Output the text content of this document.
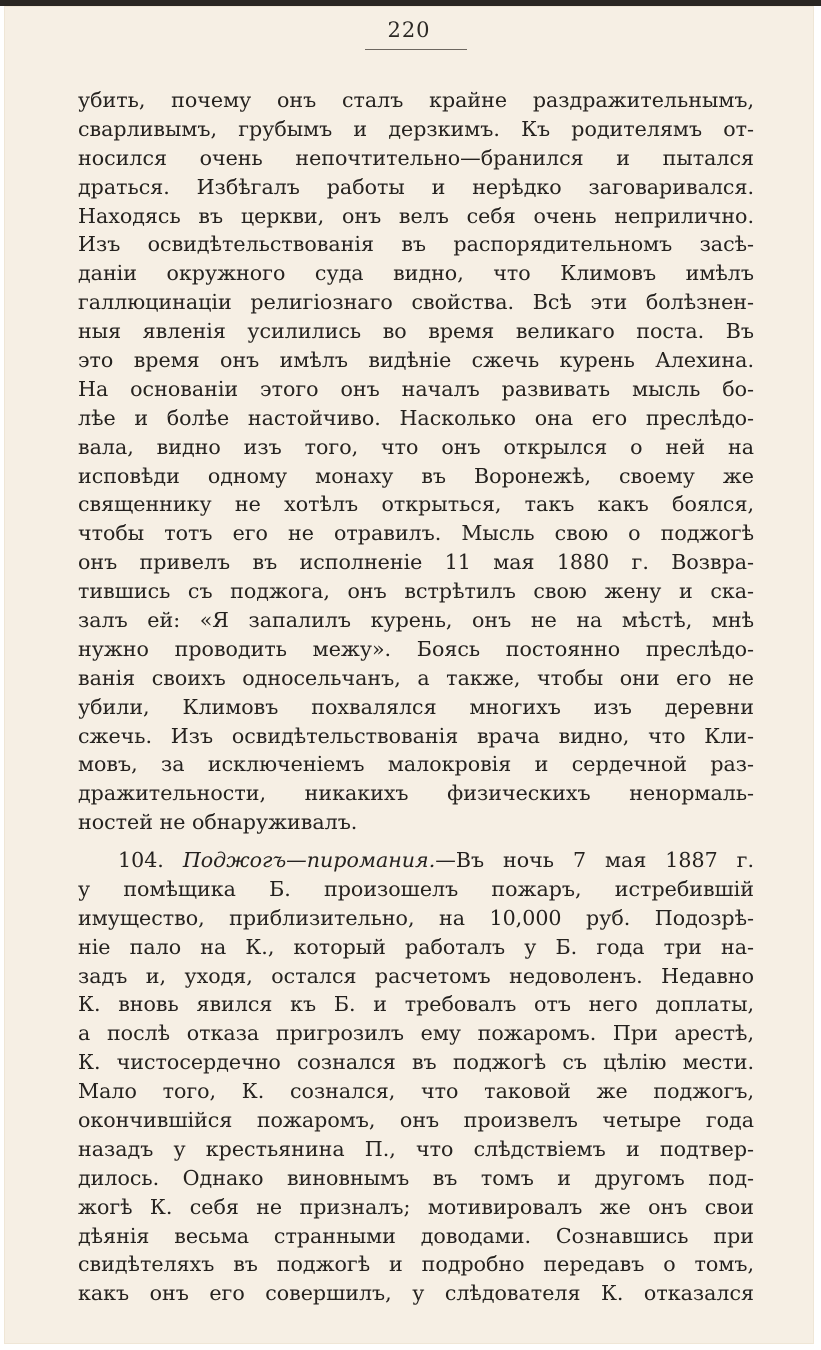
220
убить, почему онъ сталъ крайне раздражительнымъ,
сварливымъ, грубымъ и дерзкимъ. Къ родителямъ от-
носился очень непочтительно—бранился и пытался
драться. Избѣгалъ работы и нерѣдко заговаривался.
Находясь въ церкви, онъ велъ себя очень неприлично.
Изъ освидѣтельствованія въ распорядительномъ засѣ-
даніи окружного суда видно, что Климовъ имѣлъ
галлюцинаціи религіознаго свойства. Всѣ эти болѣзнен-
ныя явленія усилились во время великаго поста. Въ
это время онъ имѣлъ видѣніе сжечь курень Алехина.
На основаніи этого онъ началъ развивать мысль бо-
лѣе и болѣе настойчиво. Насколько она его преслѣдо-
вала, видно изъ того, что онъ открылся о ней на
исповѣди одному монаху въ Воронежѣ, своему же
священнику не хотѣлъ открыться, такъ какъ боялся,
чтобы тотъ его не отравилъ. Мысль свою о поджогѣ
онъ привелъ въ исполненіе 11 мая 1880 г. Возвра-
тившись съ поджога, онъ встрѣтилъ свою жену и ска-
залъ ей: «Я запалилъ курень, онъ не на мѣстѣ, мнѣ
нужно проводить межу». Боясь постоянно преслѣдо-
ванія своихъ односельчанъ, а также, чтобы они его не
убили, Климовъ похвалялся многихъ изъ деревни
сжечь. Изъ освидѣтельствованія врача видно, что Кли-
мовъ, за исключеніемъ малокровія и сердечной раз-
дражительности, никакихъ физическихъ ненормаль-
ностей не обнаруживалъ.
104. Поджогъ—пиромания.—Въ ночь 7 мая 1887 г.
у помѣщика Б. произошелъ пожаръ, истребившій
имущество, приблизительно, на 10,000 руб. Подозрѣ-
ніе пало на К., который работалъ у Б. года три на-
задъ и, уходя, остался расчетомъ недоволенъ. Недавно
К. вновь явился къ Б. и требовалъ отъ него доплаты,
а послѣ отказа пригрозилъ ему пожаромъ. При арестѣ,
К. чистосердечно сознался въ поджогѣ съ цѣлію мести.
Мало того, К. сознался, что таковой же поджогъ,
окончившійся пожаромъ, онъ произвелъ четыре года
назадъ у крестьянина П., что слѣдствіемъ и подтвер-
дилось. Однако виновнымъ въ томъ и другомъ под-
жогѣ К. себя не призналъ; мотивировалъ же онъ свои
дѣянія весьма странными доводами. Сознавшись при
свидѣтеляхъ въ поджогѣ и подробно передавъ о томъ,
какъ онъ его совершилъ, у слѣдователя К. отказался
